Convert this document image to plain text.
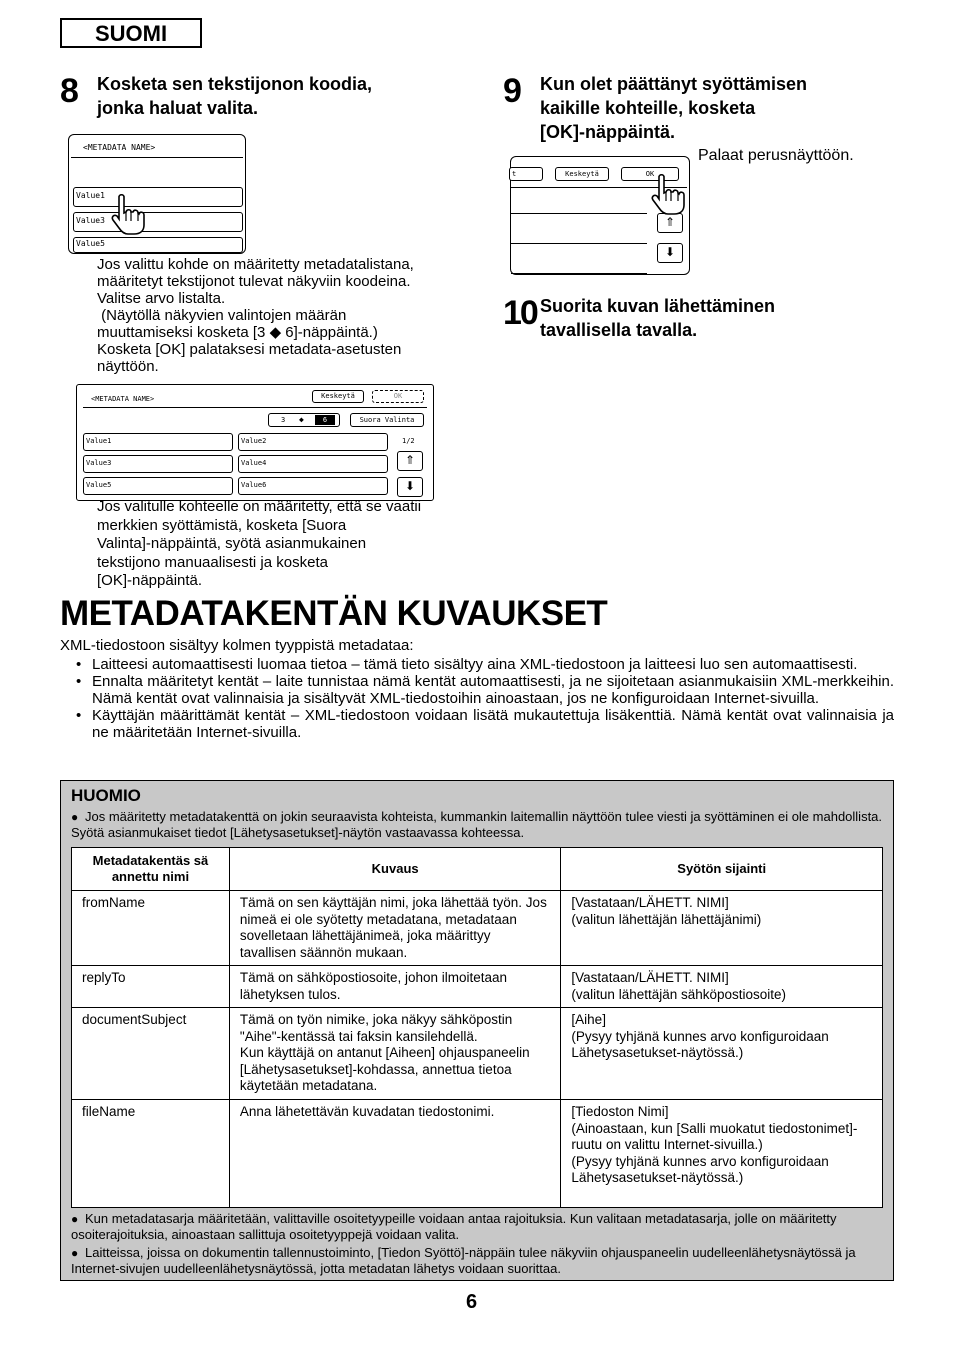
SUOMI
8 Kosketa sen tekstijonon koodia,
jonka haluat valita.
<METADATA NAME>
Value1
Value3
Value5
Jos valittu kohde on määritetty metadatalistana,
määritetyt tekstijonot tulevat näkyviin koodeina.
Valitse arvo listalta.
(Näytöllä näkyvien valintojen määrän
muuttamiseksi kosketa [3 ◆ 6]-näppäintä.)
Kosketa [OK] palataksesi metadata-asetusten
näyttöön.
<METADATA NAME>	Keskeytä	OK
3 ◆	6	Suora Valinta
1/2
Value1	Value2
Value3	Value4
Value5	Value6
⇑
⬇
Jos valitulle kohteelle on määritetty, että se vaatii
merkkien syöttämistä, kosketa [Suora
Valinta]-näppäintä, syötä asianmukainen
tekstijono manuaalisesti ja kosketa
[OK]-näppäintä.
9 Kun olet päättänyt syöttämisen
kaikille kohteille, kosketa
[OK]-näppäintä.
t	Keskeytä	OK
⇑
⬇
Palaat perusnäyttöön.
10 Suorita kuvan lähettäminen
tavallisella tavalla.
METADATAKENTÄN KUVAUKSET
XML-tiedostoon sisältyy kolmen tyyppistä metadataa:

• Laitteesi automaattisesti luomaa tietoa – tämä tieto sisältyy aina XML-tiedostoon ja laitteesi luo sen automaattisesti.

• Ennalta määritetyt kentät – laite tunnistaa nämä kentät automaattisesti, ja ne sijoitetaan asianmukaisiin XML-merkkeihin. Nämä kentät ovat valinnaisia ja sisältyvät XML-tiedostoihin ainoastaan, jos ne konfiguroidaan Internet-sivuilla.

• Käyttäjän määrittämät kentät – XML-tiedostoon voidaan lisätä mukautettuja lisäkenttiä. Nämä kentät ovat valinnaisia ja ne määritetään Internet-sivuilla.

HUOMIO
● Jos määritetty metadatakenttä on jokin seuraavista kohteista, kummankin laitemallin näyttöön tulee viesti ja syöttäminen ei ole mahdollista. Syötä asianmukaiset tiedot [Lähetysasetukset]-näytön vastaavassa kohteessa.
Metadatakentäs sä annettu nimi	Kuvaus	Syötön sijainti
fromName	Tämä on sen käyttäjän nimi, joka lähettää työn. Jos nimeä ei ole syötetty metadatana, metadataan sovelletaan lähettäjänimeä, joka määrittyy tavallisen säännön mukaan.	[Vastataan/LÄHETT. NIMI]
(valitun lähettäjän lähettäjänimi)
replyTo	Tämä on sähköpostiosoite, johon ilmoitetaan lähetyksen tulos.	[Vastataan/LÄHETT. NIMI]
(valitun lähettäjän sähköpostiosoite)
documentSubject	Tämä on työn nimike, joka näkyy sähköpostin "Aihe"-kentässä tai faksin kansilehdellä.
Kun käyttäjä on antanut [Aiheen] ohjauspaneelin [Lähetysasetukset]-kohdassa, annettua tietoa käytetään metadatana.	[Aihe]
(Pysyy tyhjänä kunnes arvo konfiguroidaan Lähetysasetukset-näytössä.)
fileName	Anna lähetettävän kuvadatan tiedostonimi.	[Tiedoston Nimi]
(Ainoastaan, kun [Salli muokatut tiedostonimet]-ruutu on valittu Internet-sivuilla.)
(Pysyy tyhjänä kunnes arvo konfiguroidaan Lähetysasetukset-näytössä.)
● Kun metadatasarja määritetään, valittaville osoitetyypeille voidaan antaa rajoituksia. Kun valitaan metadatasarja, jolle on määritetty osoiterajoituksia, ainoastaan sallittuja osoitetyyppejä voidaan valita.
● Laitteissa, joissa on dokumentin tallennustoiminto, [Tiedon Syöttö]-näppäin tulee näkyviin ohjauspaneelin uudelleenlähetysnäytössä ja Internet-sivujen uudelleenlähetysnäytössä, jotta metadatan lähetys voidaan suorittaa.
6
